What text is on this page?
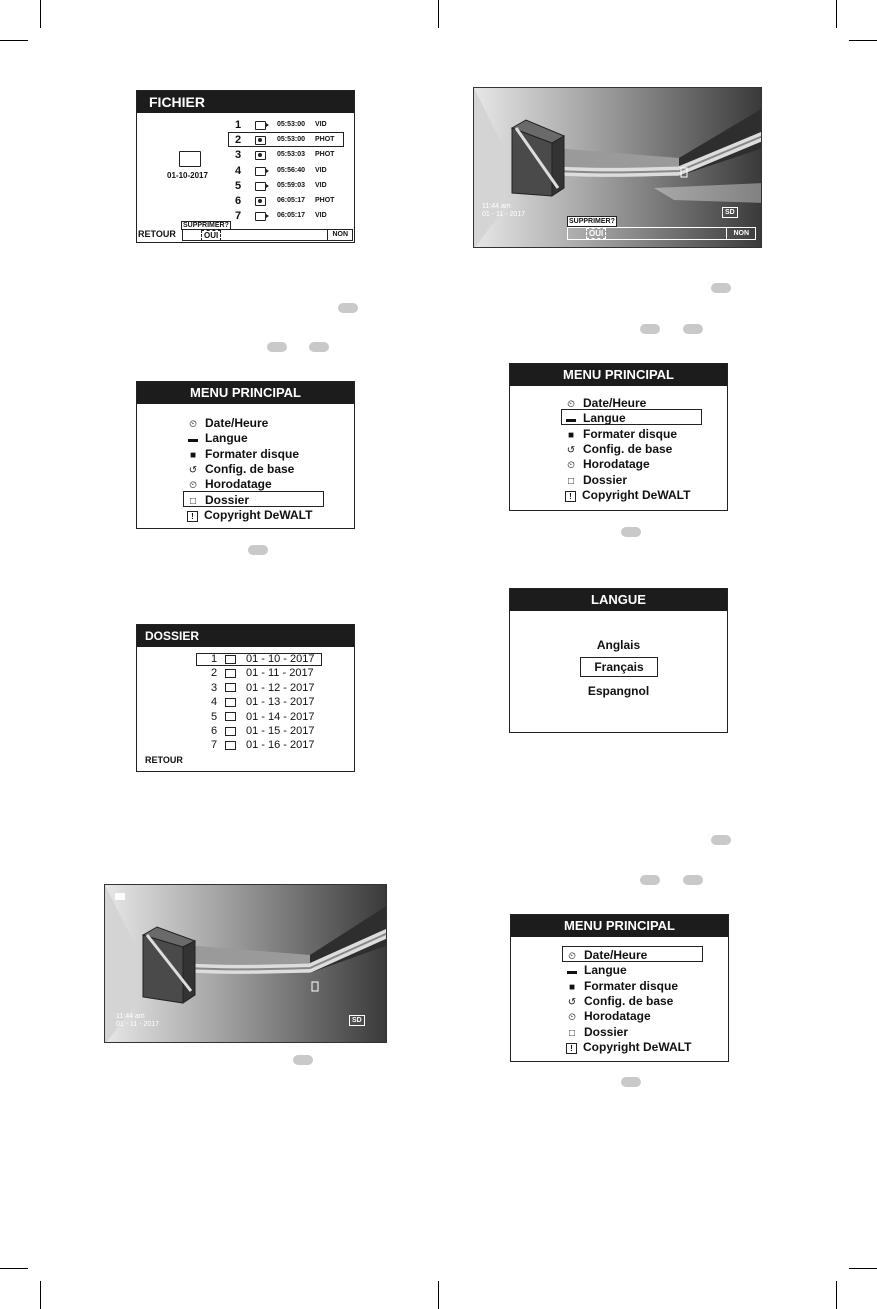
FICHIER
01-10-2017
1	05:53:00 VID
2	05:53:00 PHOT
3	05:53:03 PHOT
4	05:56:40 VID
5	05:59:03 VID
6	06:05:17 PHOT
7	06:05:17 VID
SUPPRIMER?
RETOUR	OUI	NON
11:44 am
01 - 11 - 2017	SD
SUPPRIMER?
OUI	NON
MENU PRINCIPAL
⏲ Date/Heure
▬ Langue
■ Formater disque
↺ Config. de base
⏲ Horodatage
□ Dossier
! Copyright DeWALT
MENU PRINCIPAL
⏲ Date/Heure
▬ Langue
■ Formater disque
↺ Config. de base
⏲ Horodatage
□ Dossier
! Copyright DeWALT
DOSSIER
1	01 - 10 - 2017
2	01 - 11 - 2017
3	01 - 12 - 2017
4	01 - 13 - 2017
5	01 - 14 - 2017
6	01 - 15 - 2017
7	01 - 16 - 2017
RETOUR
LANGUE
Anglais
Français
Espangnol
11:44 am
01 - 11 - 2017
SD
MENU PRINCIPAL
⏲ Date/Heure
▬ Langue
■ Formater disque
↺ Config. de base
⏲ Horodatage
□ Dossier
! Copyright DeWALT
